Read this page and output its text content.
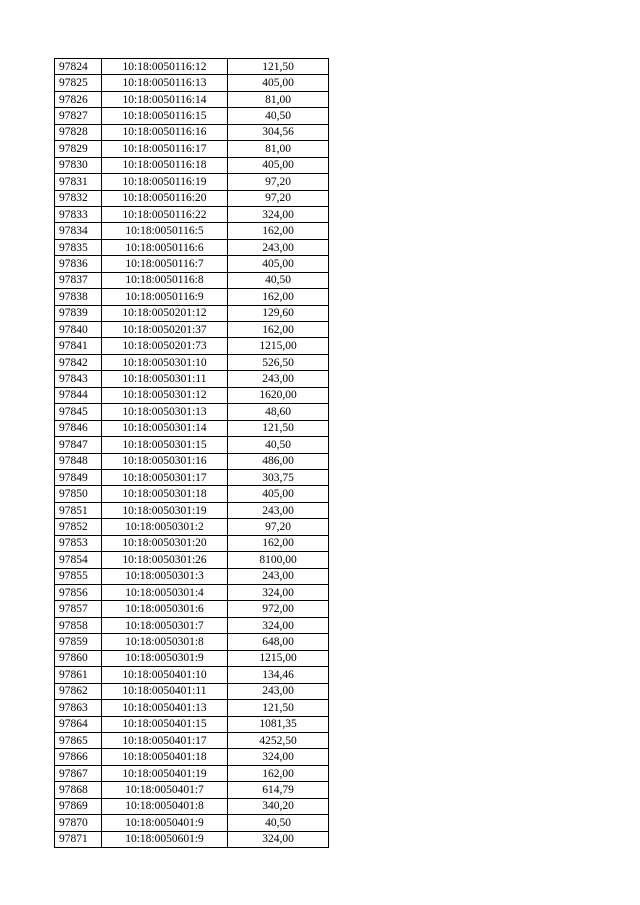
97824	10:18:0050116:12	121,50
97825	10:18:0050116:13	405,00
97826	10:18:0050116:14	81,00
97827	10:18:0050116:15	40,50
97828	10:18:0050116:16	304,56
97829	10:18:0050116:17	81,00
97830	10:18:0050116:18	405,00
97831	10:18:0050116:19	97,20
97832	10:18:0050116:20	97,20
97833	10:18:0050116:22	324,00
97834	10:18:0050116:5	162,00
97835	10:18:0050116:6	243,00
97836	10:18:0050116:7	405,00
97837	10:18:0050116:8	40,50
97838	10:18:0050116:9	162,00
97839	10:18:0050201:12	129,60
97840	10:18:0050201:37	162,00
97841	10:18:0050201:73	1215,00
97842	10:18:0050301:10	526,50
97843	10:18:0050301:11	243,00
97844	10:18:0050301:12	1620,00
97845	10:18:0050301:13	48,60
97846	10:18:0050301:14	121,50
97847	10:18:0050301:15	40,50
97848	10:18:0050301:16	486,00
97849	10:18:0050301:17	303,75
97850	10:18:0050301:18	405,00
97851	10:18:0050301:19	243,00
97852	10:18:0050301:2	97,20
97853	10:18:0050301:20	162,00
97854	10:18:0050301:26	8100,00
97855	10:18:0050301:3	243,00
97856	10:18:0050301:4	324,00
97857	10:18:0050301:6	972,00
97858	10:18:0050301:7	324,00
97859	10:18:0050301:8	648,00
97860	10:18:0050301:9	1215,00
97861	10:18:0050401:10	134,46
97862	10:18:0050401:11	243,00
97863	10:18:0050401:13	121,50
97864	10:18:0050401:15	1081,35
97865	10:18:0050401:17	4252,50
97866	10:18:0050401:18	324,00
97867	10:18:0050401:19	162,00
97868	10:18:0050401:7	614,79
97869	10:18:0050401:8	340,20
97870	10:18:0050401:9	40,50
97871	10:18:0050601:9	324,00
